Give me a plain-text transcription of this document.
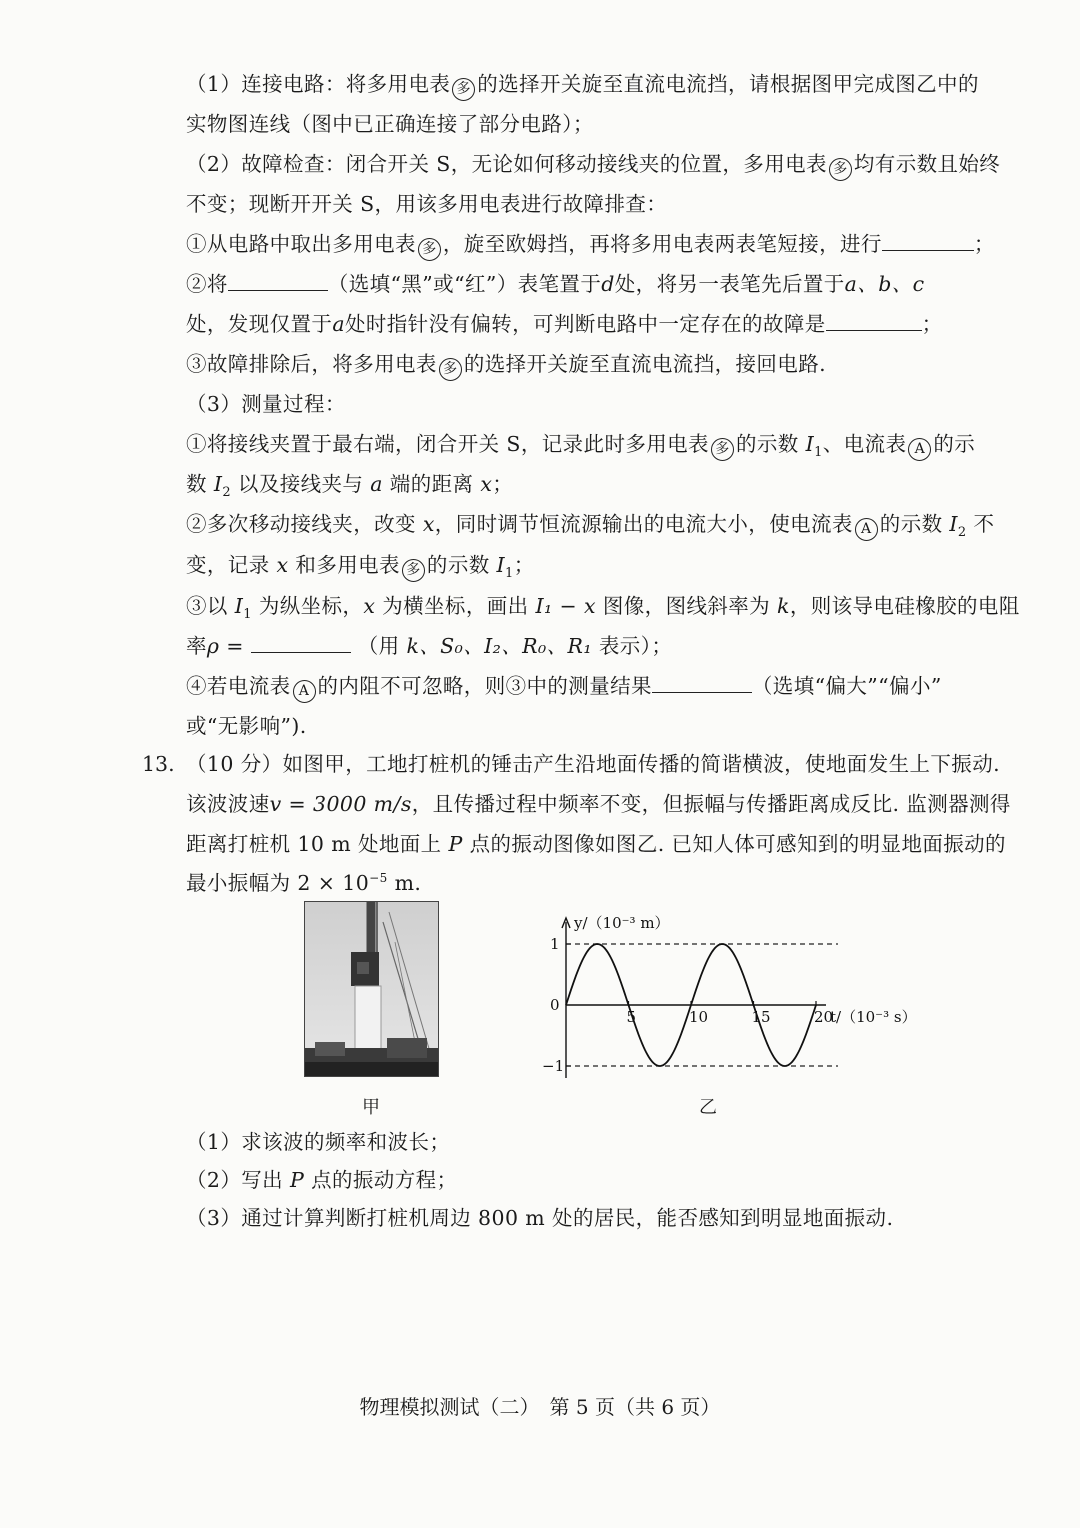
（1）连接电路：将多用电表 多 的选择开关旋至直流电流挡，请根据图甲完成图乙中的
实物图连线（图中已正确连接了部分电路）；
（2）故障检查：闭合开关 S，无论如何移动接线夹的位置，多用电表 多 均有示数且始终
不变；现断开开关 S，用该多用电表进行故障排查：
①从电路中取出多用电表 多 ，旋至欧姆挡，再将多用电表两表笔短接，进行	；
②将	（选填“黑”或“红”）表笔置于d处，将另一表笔先后置于a、b、c
处，发现仅置于a处时指针没有偏转，可判断电路中一定存在的故障是	；
③故障排除后，将多用电表 多 的选择开关旋至直流电流挡，接回电路.
（3）测量过程：
①将接线夹置于最右端，闭合开关 S，记录此时多用电表 多 的示数 $I_1$、电流表 A 的示
数 $I_2$ 以及接线夹与 a 端的距离 x；
②多次移动接线夹，改变 x，同时调节恒流源输出的电流大小，使电流表 A 的示数 $I_2$ 不
变，记录 x 和多用电表 多 的示数 $I_1$；
③以 $I_1$ 为纵坐标，x 为横坐标，画出 I₁ − x 图像，图线斜率为 k，则该导电硅橡胶的电阻
率ρ =	（用 k、S₀、I₂、R₀、R₁ 表示）；
④若电流表 A 的内阻不可忽略，则③中的测量结果	（选填“偏大”“偏小”
或“无影响”).
13. （10 分）如图甲，工地打桩机的锤击产生沿地面传播的简谐横波，使地面发生上下振动.
该波波速v = 3000 m/s，且传播过程中频率不变，但振幅与传播距离成反比. 监测器测得
距离打桩机 10 m 处地面上 P 点的振动图像如图乙. 已知人体可感知到的明显地面振动的
最小振幅为 $2 \times 10^{-5}$ m.
甲
5	10	15	20
1
0
−1
y/（10⁻³ m）
t/（10⁻³ s）
乙
（1）求该波的频率和波长；
（2）写出 P 点的振动方程；
（3）通过计算判断打桩机周边 800 m 处的居民，能否感知到明显地面振动.
物理模拟测试（二）　第 5 页（共 6 页）
